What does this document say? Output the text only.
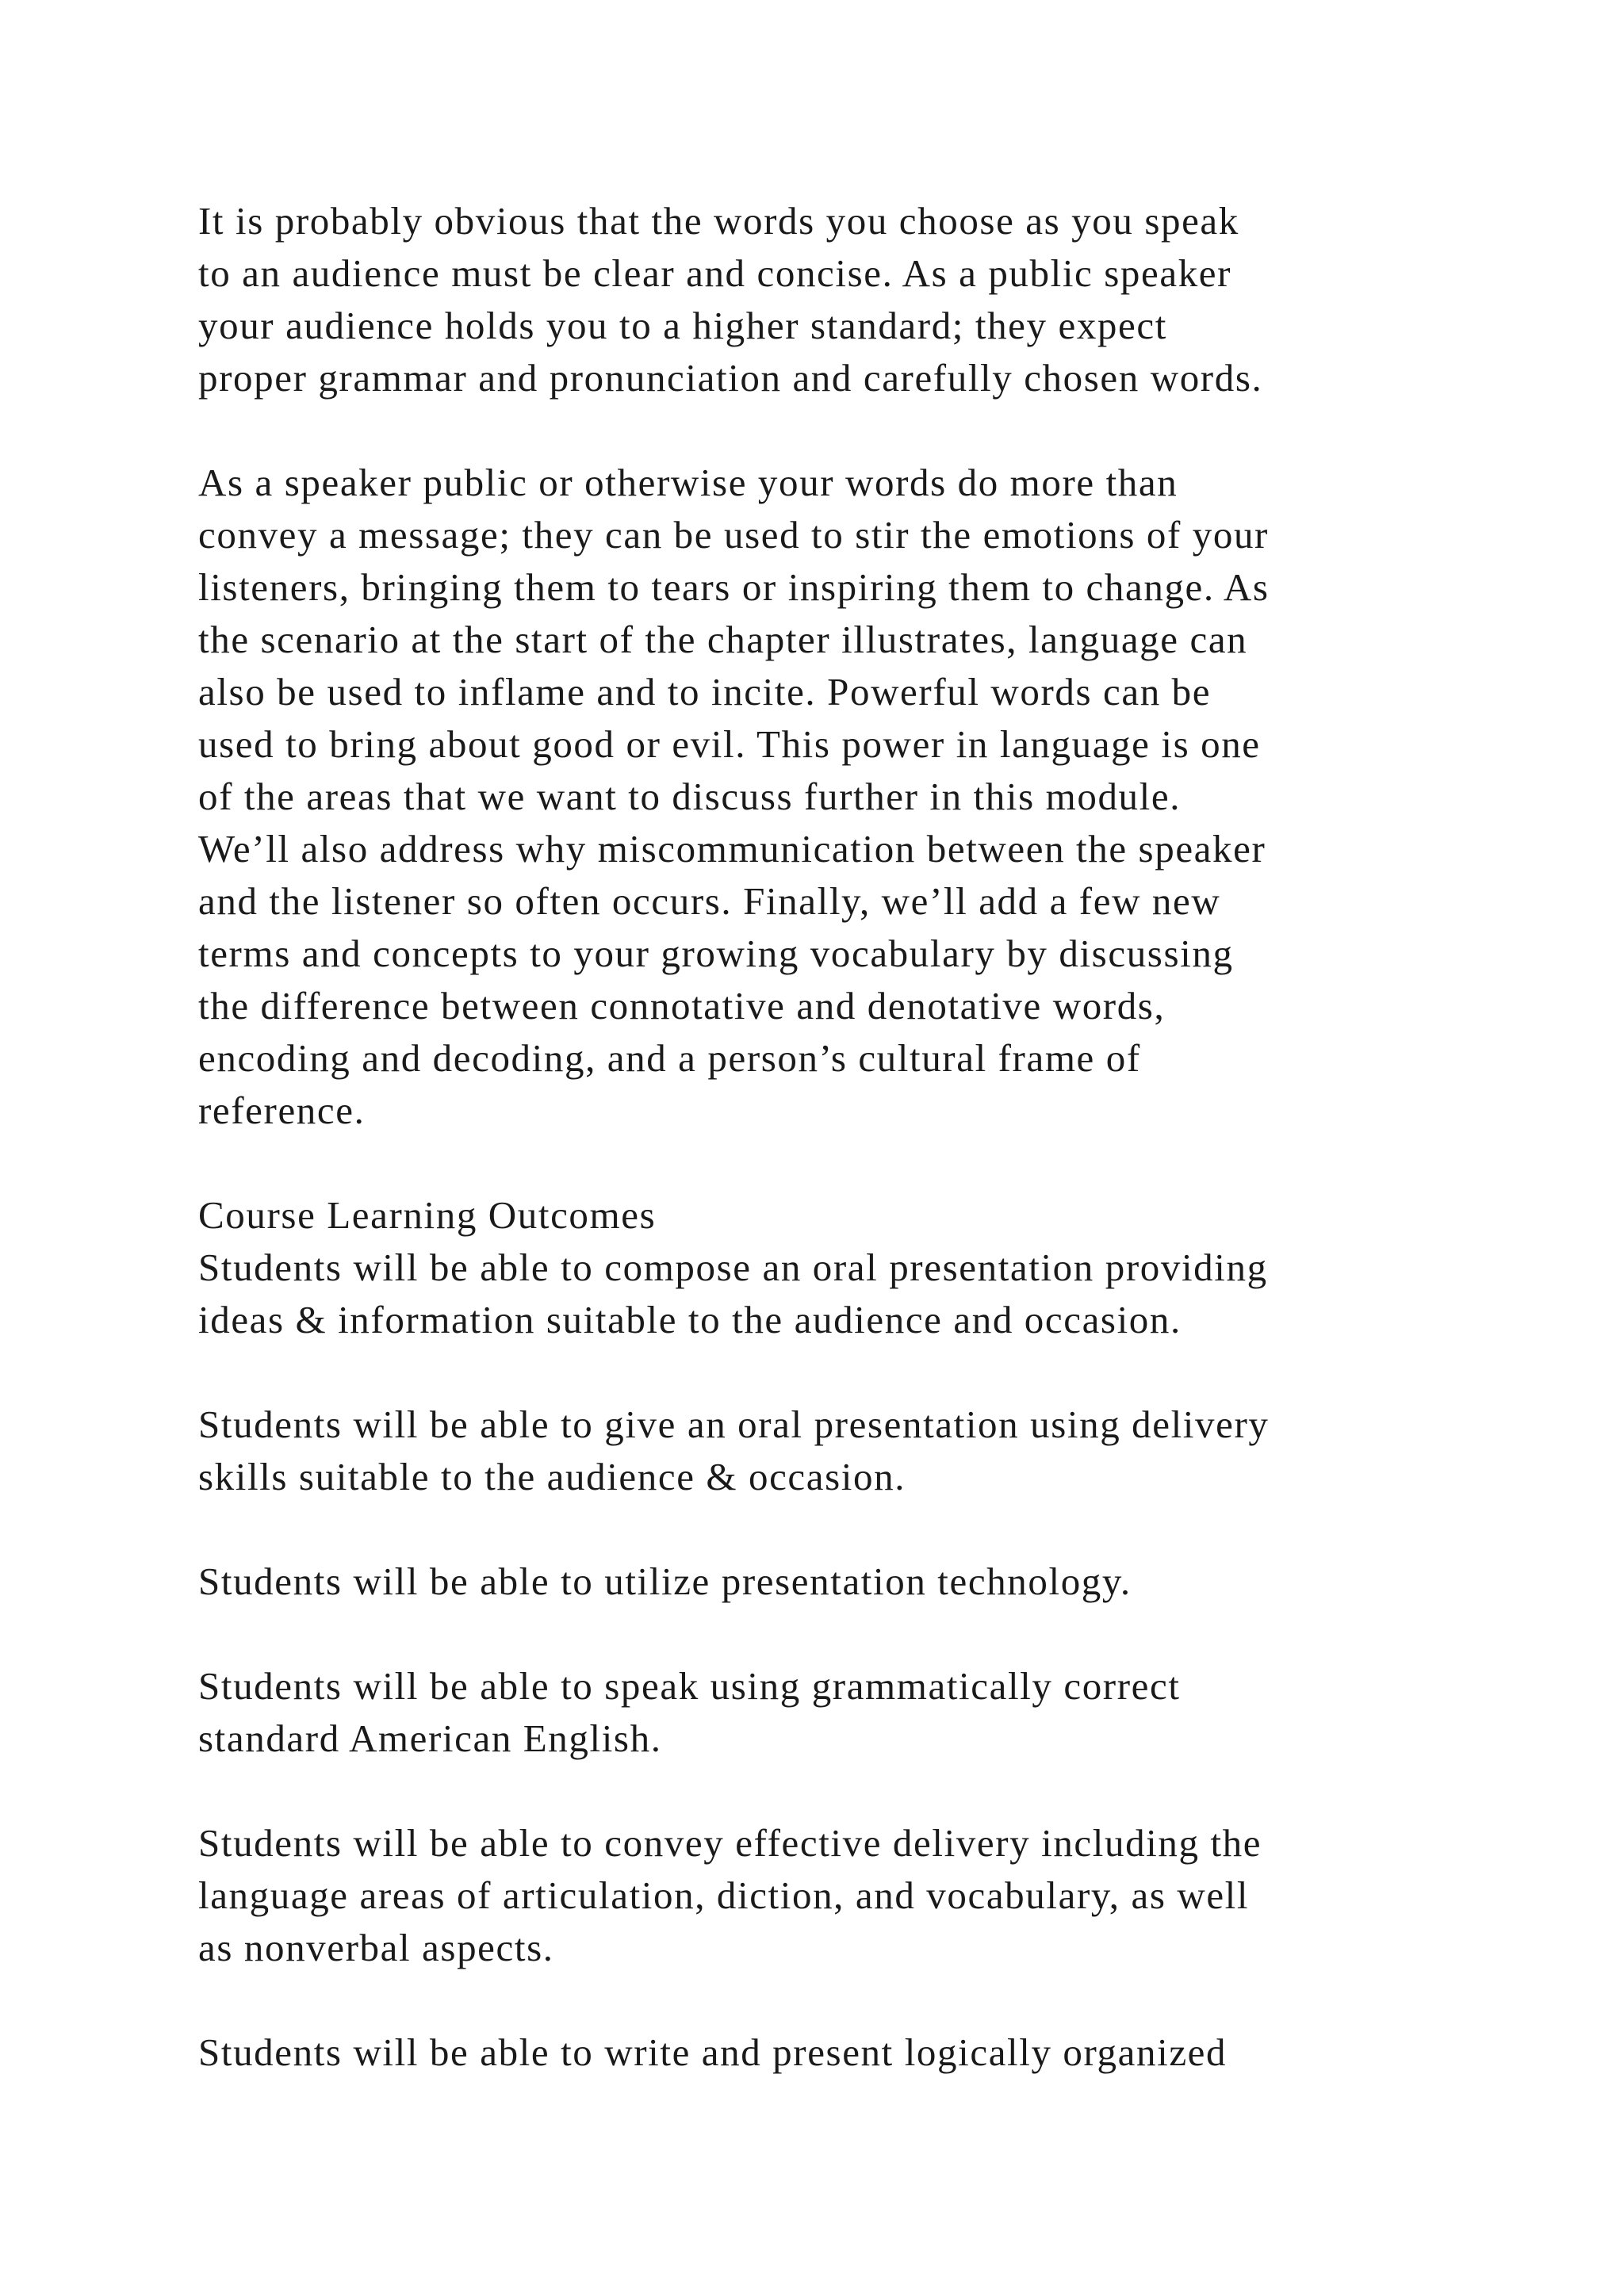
It is probably obvious that the words you choose as you speak
to an audience must be clear and concise. As a public speaker
your audience holds you to a higher standard; they expect
proper grammar and pronunciation and carefully chosen words.
As a speaker public or otherwise your words do more than
convey a message; they can be used to stir the emotions of your
listeners, bringing them to tears or inspiring them to change. As
the scenario at the start of the chapter illustrates, language can
also be used to inflame and to incite. Powerful words can be
used to bring about good or evil. This power in language is one
of the areas that we want to discuss further in this module.
We’ll also address why miscommunication between the speaker
and the listener so often occurs. Finally, we’ll add a few new
terms and concepts to your growing vocabulary by discussing
the difference between connotative and denotative words,
encoding and decoding, and a person’s cultural frame of
reference.
Course Learning Outcomes
Students will be able to compose an oral presentation providing
ideas & information suitable to the audience and occasion.
Students will be able to give an oral presentation using delivery
skills suitable to the audience & occasion.
Students will be able to utilize presentation technology.
Students will be able to speak using grammatically correct
standard American English.
Students will be able to convey effective delivery including the
language areas of articulation, diction, and vocabulary, as well
as nonverbal aspects.
Students will be able to write and present logically organized
